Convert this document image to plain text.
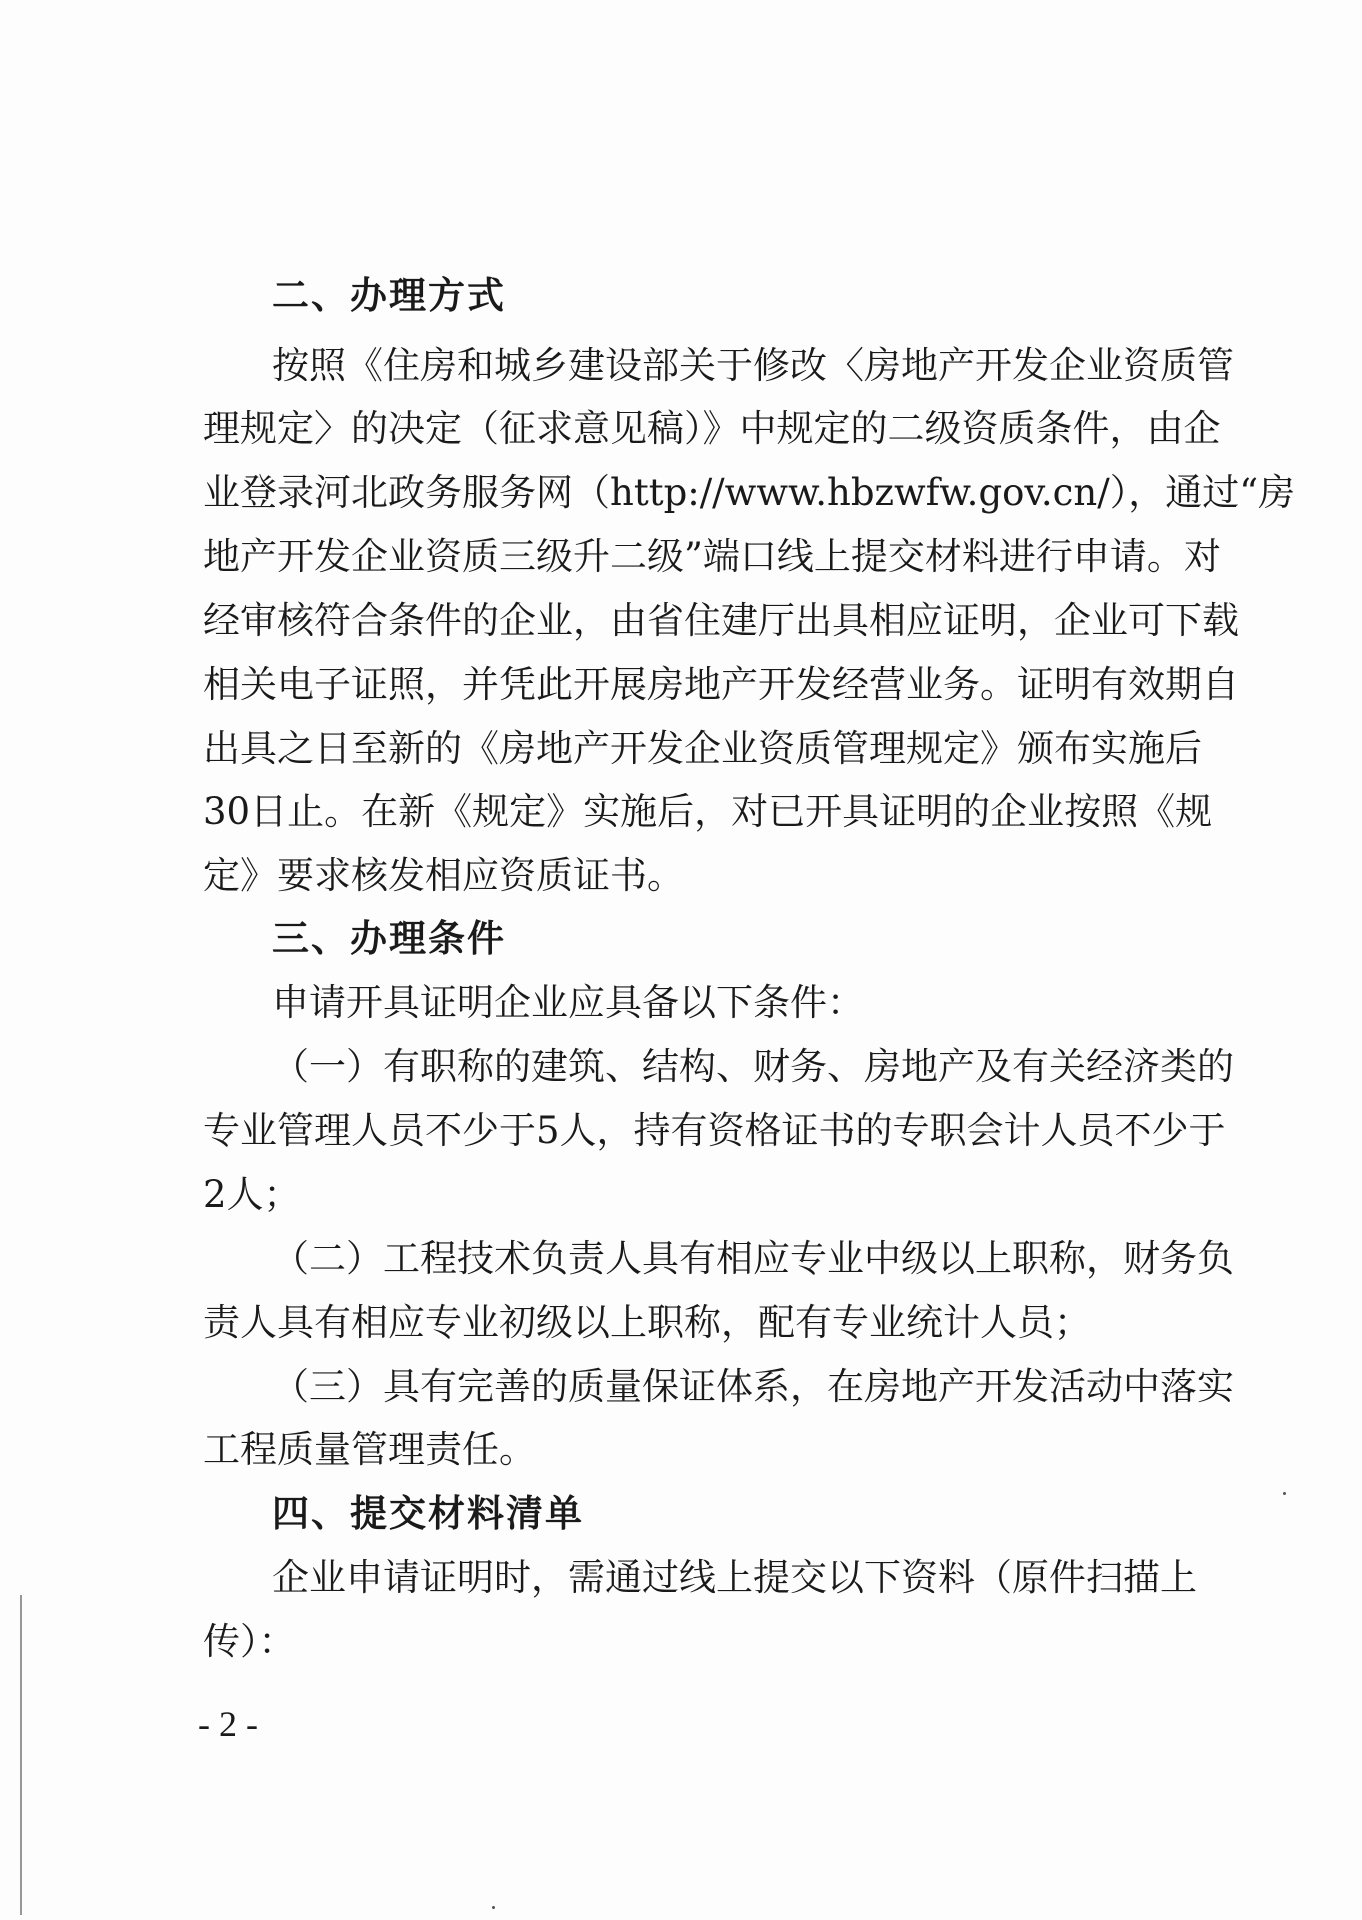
二、办理方式
按照《住房和城乡建设部关于修改〈房地产开发企业资质管
理规定〉的决定（征求意见稿）》中规定的二级资质条件，由企
业登录河北政务服务网（http://www.hbzwfw.gov.cn/），通过“房
地产开发企业资质三级升二级”端口线上提交材料进行申请。对
经审核符合条件的企业，由省住建厅出具相应证明，企业可下载
相关电子证照，并凭此开展房地产开发经营业务。证明有效期自
出具之日至新的《房地产开发企业资质管理规定》颁布实施后
30日止。在新《规定》实施后，对已开具证明的企业按照《规
定》要求核发相应资质证书。
三、办理条件
申请开具证明企业应具备以下条件：
（一）有职称的建筑、结构、财务、房地产及有关经济类的
专业管理人员不少于5人，持有资格证书的专职会计人员不少于
2人；
（二）工程技术负责人具有相应专业中级以上职称，财务负
责人具有相应专业初级以上职称，配有专业统计人员；
（三）具有完善的质量保证体系，在房地产开发活动中落实
工程质量管理责任。
四、提交材料清单
企业申请证明时，需通过线上提交以下资料（原件扫描上
传）：
- 2 -
